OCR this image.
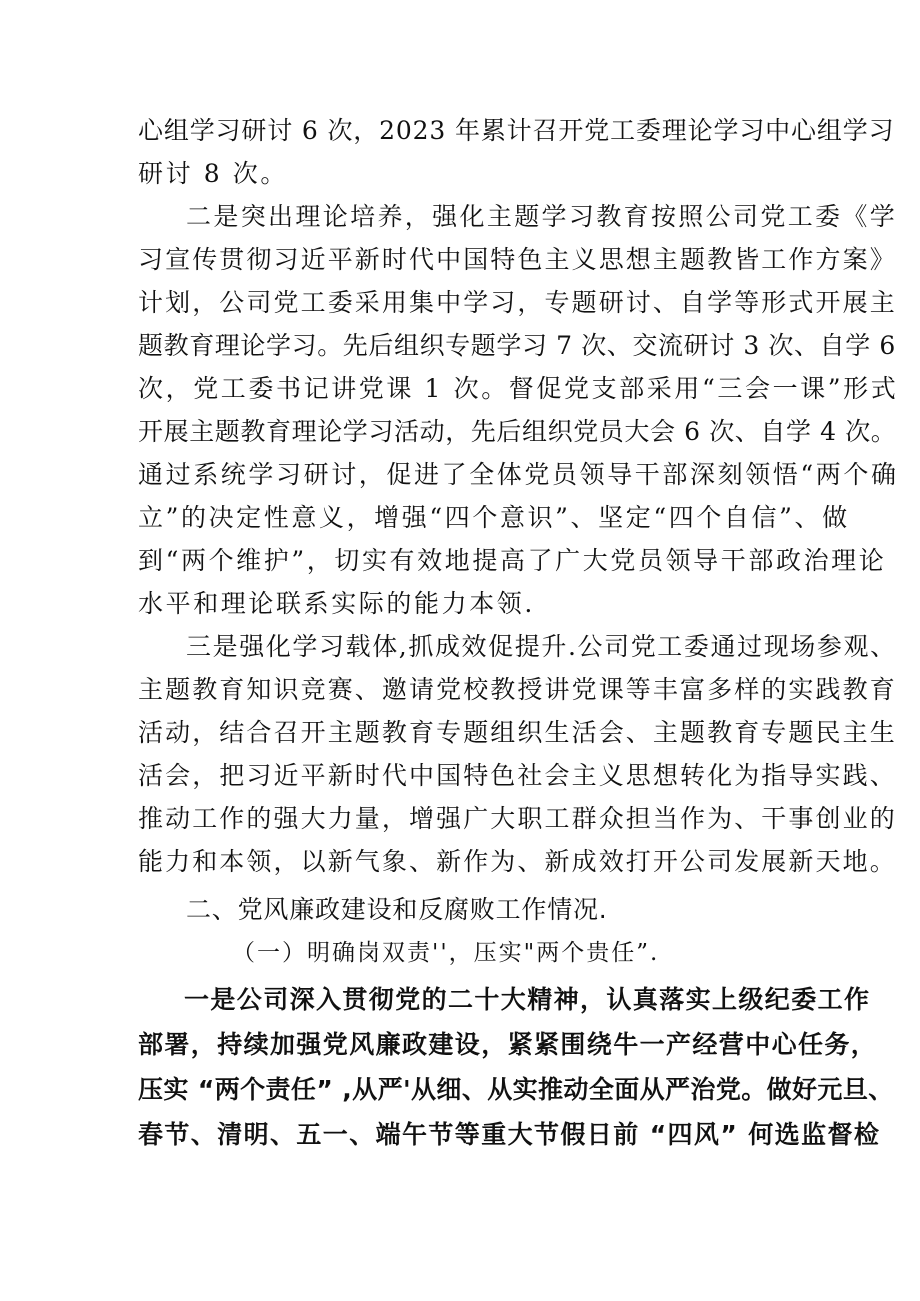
心组学习研讨 6 次，2023 年累计召开党工委理论学习中心组学习
研讨 8 次。
二是突出理论培养，强化主题学习教育按照公司党工委《学
习宣传贯彻习近平新时代中国特色主义思想主题教皆工作方案》
计划，公司党工委采用集中学习，专题研讨、自学等形式开展主
题教育理论学习。先后组织专题学习 7 次、交流研讨 3 次、自学 6
次，党工委书记讲党课 1 次。督促党支部采用“三会一课”形式
开展主题教育理论学习活动，先后组织党员大会 6 次、自学 4 次。
通过系统学习研讨，促进了全体党员领导干部深刻领悟“两个确
立”的决定性意义，增强“四个意识”、坚定“四个自信”、做
到“两个维护”，切实有效地提高了广大党员领导干部政治理论
水平和理论联系实际的能力本领.
三是强化学习载体,抓成效促提升.公司党工委通过现场参观、
主题教育知识竞赛、邀请党校教授讲党课等丰富多样的实践教育
活动，结合召开主题教育专题组织生活会、主题教育专题民主生
活会，把习近平新时代中国特色社会主义思想转化为指导实践、
推动工作的强大力量，增强广大职工群众担当作为、干事创业的
能力和本领，以新气象、新作为、新成效打开公司发展新天地。
二、党风廉政建设和反腐败工作情况.
（一）明确岗双责''，压实"两个贵任”.
一是公司深入贯彻党的二十大精神，认真落实上级纪委工作
部署，持续加强党风廉政建设，紧紧围绕牛一产经营中心任务，
压实 “两个责任” ,从严'从细、从实推动全面从严治党。做好元旦、
春节、清明、五一、端午节等重大节假日前 “四风” 何选监督检
